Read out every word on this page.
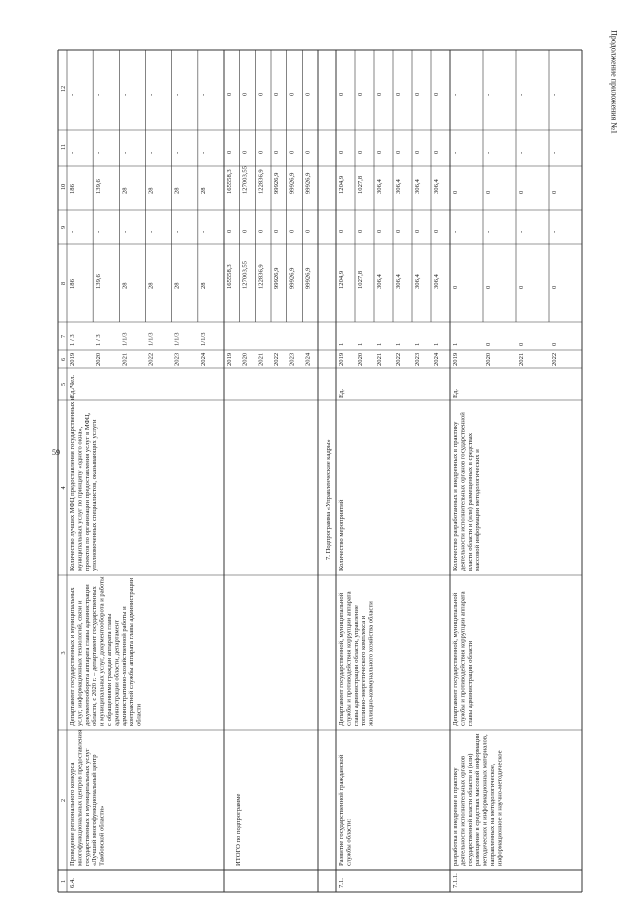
59
Продолжение приложения №1
1
2
3
4
5
6
7
8
9
10
11
12
6.4.
Проведение регионального конкурсамногофункциональных центров предоставлениягосударственных и муниципальных услуг«Лучший многофункциональный центрТамбовской области»
Департамент государственных и муниципальныхуслуг, информационных технологий, связи идокументооборота аппарата главы администрацииобласти, с 2020 г. – департамент государственныхи муниципальных услуг, документооборота и работыс обращениями граждан аппарата главыадминистрации области, департаментадминистративно-хозяйственной работы иконтрактной службы аппарата главы администрацииобласти
Количество лучших МФЦ предоставления государственных имуниципальных услуг по принципу «одного окна»,проектов по организации предоставления услуг в МФЦ,уполномоченных специалистов, оказывающих услуги
Ед./Чел.
2019
1 / 3
186
-
186
-
-
2020
1 / 3
139,6
-
139,6
-
-
2021
1/1/3
28
-
28
-
-
2022
1/1/3
28
-
28
-
-
2023
1/1/3
28
-
28
-
-
2024
1/1/3
28
-
28
-
-
ИТОГО по подпрограмме
2019
165558,3
0
165558,3
0
0
2020
127003,55
0
127003,55
0
0
2021
122836,9
0
122836,9
0
0
2022
99926,9
0
99926,9
0
0
2023
99926,9
0
99926,9
0
0
2024
99926,9
0
99926,9
0
0
7. Подпрограмма «Управленческие кадры»
7.1.
Развитие государственной гражданскойслужбы области:
Департамент государственной, муниципальнойслужбы и противодействия коррупции аппаратаглавы администрации области, управлениетопливно-энергетического комплекса ижилищно-коммунального хозяйства области
Количество мероприятий
Ед.
2019
1
1204,9
0
1204,9
0
0
2020
1
1027,8
0
1027,8
0
0
2021
1
306,4
0
306,4
0
0
2022
1
306,4
0
306,4
0
0
2023
1
306,4
0
306,4
0
0
2024
1
306,4
0
306,4
0
0
7.1.1.
разработка и внедрение в практикудеятельности исполнительных органовгосударственной власти области и (или)размещение в средствах массовой информацииметодических и информационных материалов,направленных на методологическое,информационное и научно-методическое
Департамент государственной, муниципальнойслужбы и противодействия коррупции аппаратаглавы администрации области
Количество разработанных и внедренных в практикудеятельности исполнительных органов государственнойвласти области и (или) размещенных в средствахмассовой информации методологических и
Ед.
2019
1
0
-
0
-
-
2020
0
0
-
0
-
-
2021
0
0
-
0
-
-
2022
0
0
-
0
-
-
